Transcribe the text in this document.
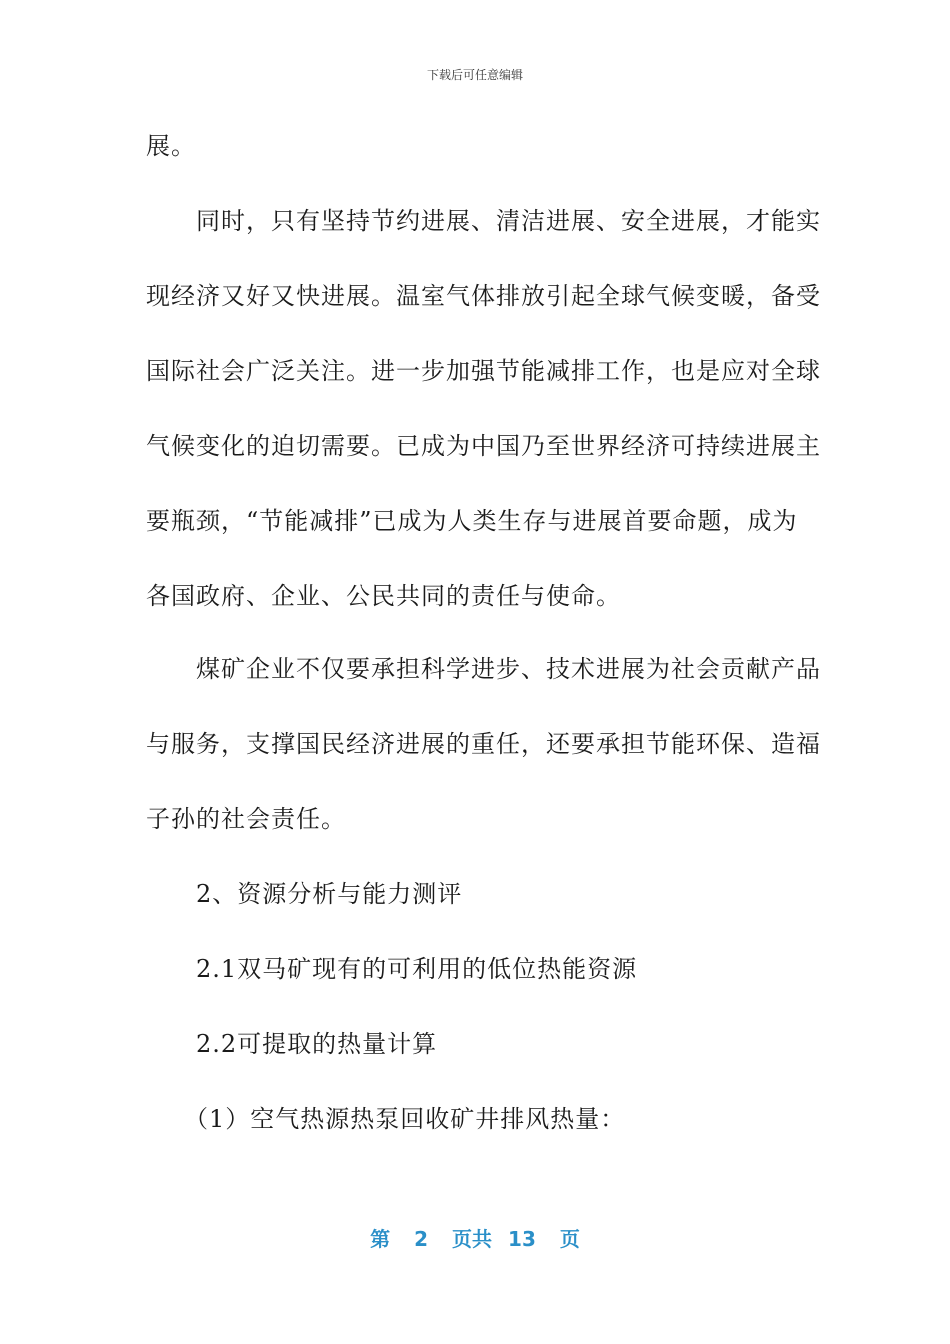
下载后可任意编辑
展。
　　同时，只有坚持节约进展、清洁进展、安全进展，才能实
现经济又好又快进展。温室气体排放引起全球气候变暖，备受
国际社会广泛关注。进一步加强节能减排工作，也是应对全球
气候变化的迫切需要。已成为中国乃至世界经济可持续进展主
要瓶颈，“节能减排”已成为人类生存与进展首要命题，成为
各国政府、企业、公民共同的责任与使命。
　　煤矿企业不仅要承担科学进步、技术进展为社会贡献产品
与服务，支撑国民经济进展的重任，还要承担节能环保、造福
子孙的社会责任。
　　2、资源分析与能力测评
　　2.1双马矿现有的可利用的低位热能资源
　　2.2可提取的热量计算
　　（1）空气热源热泵回收矿井排风热量：
第 2 页共 13 页
